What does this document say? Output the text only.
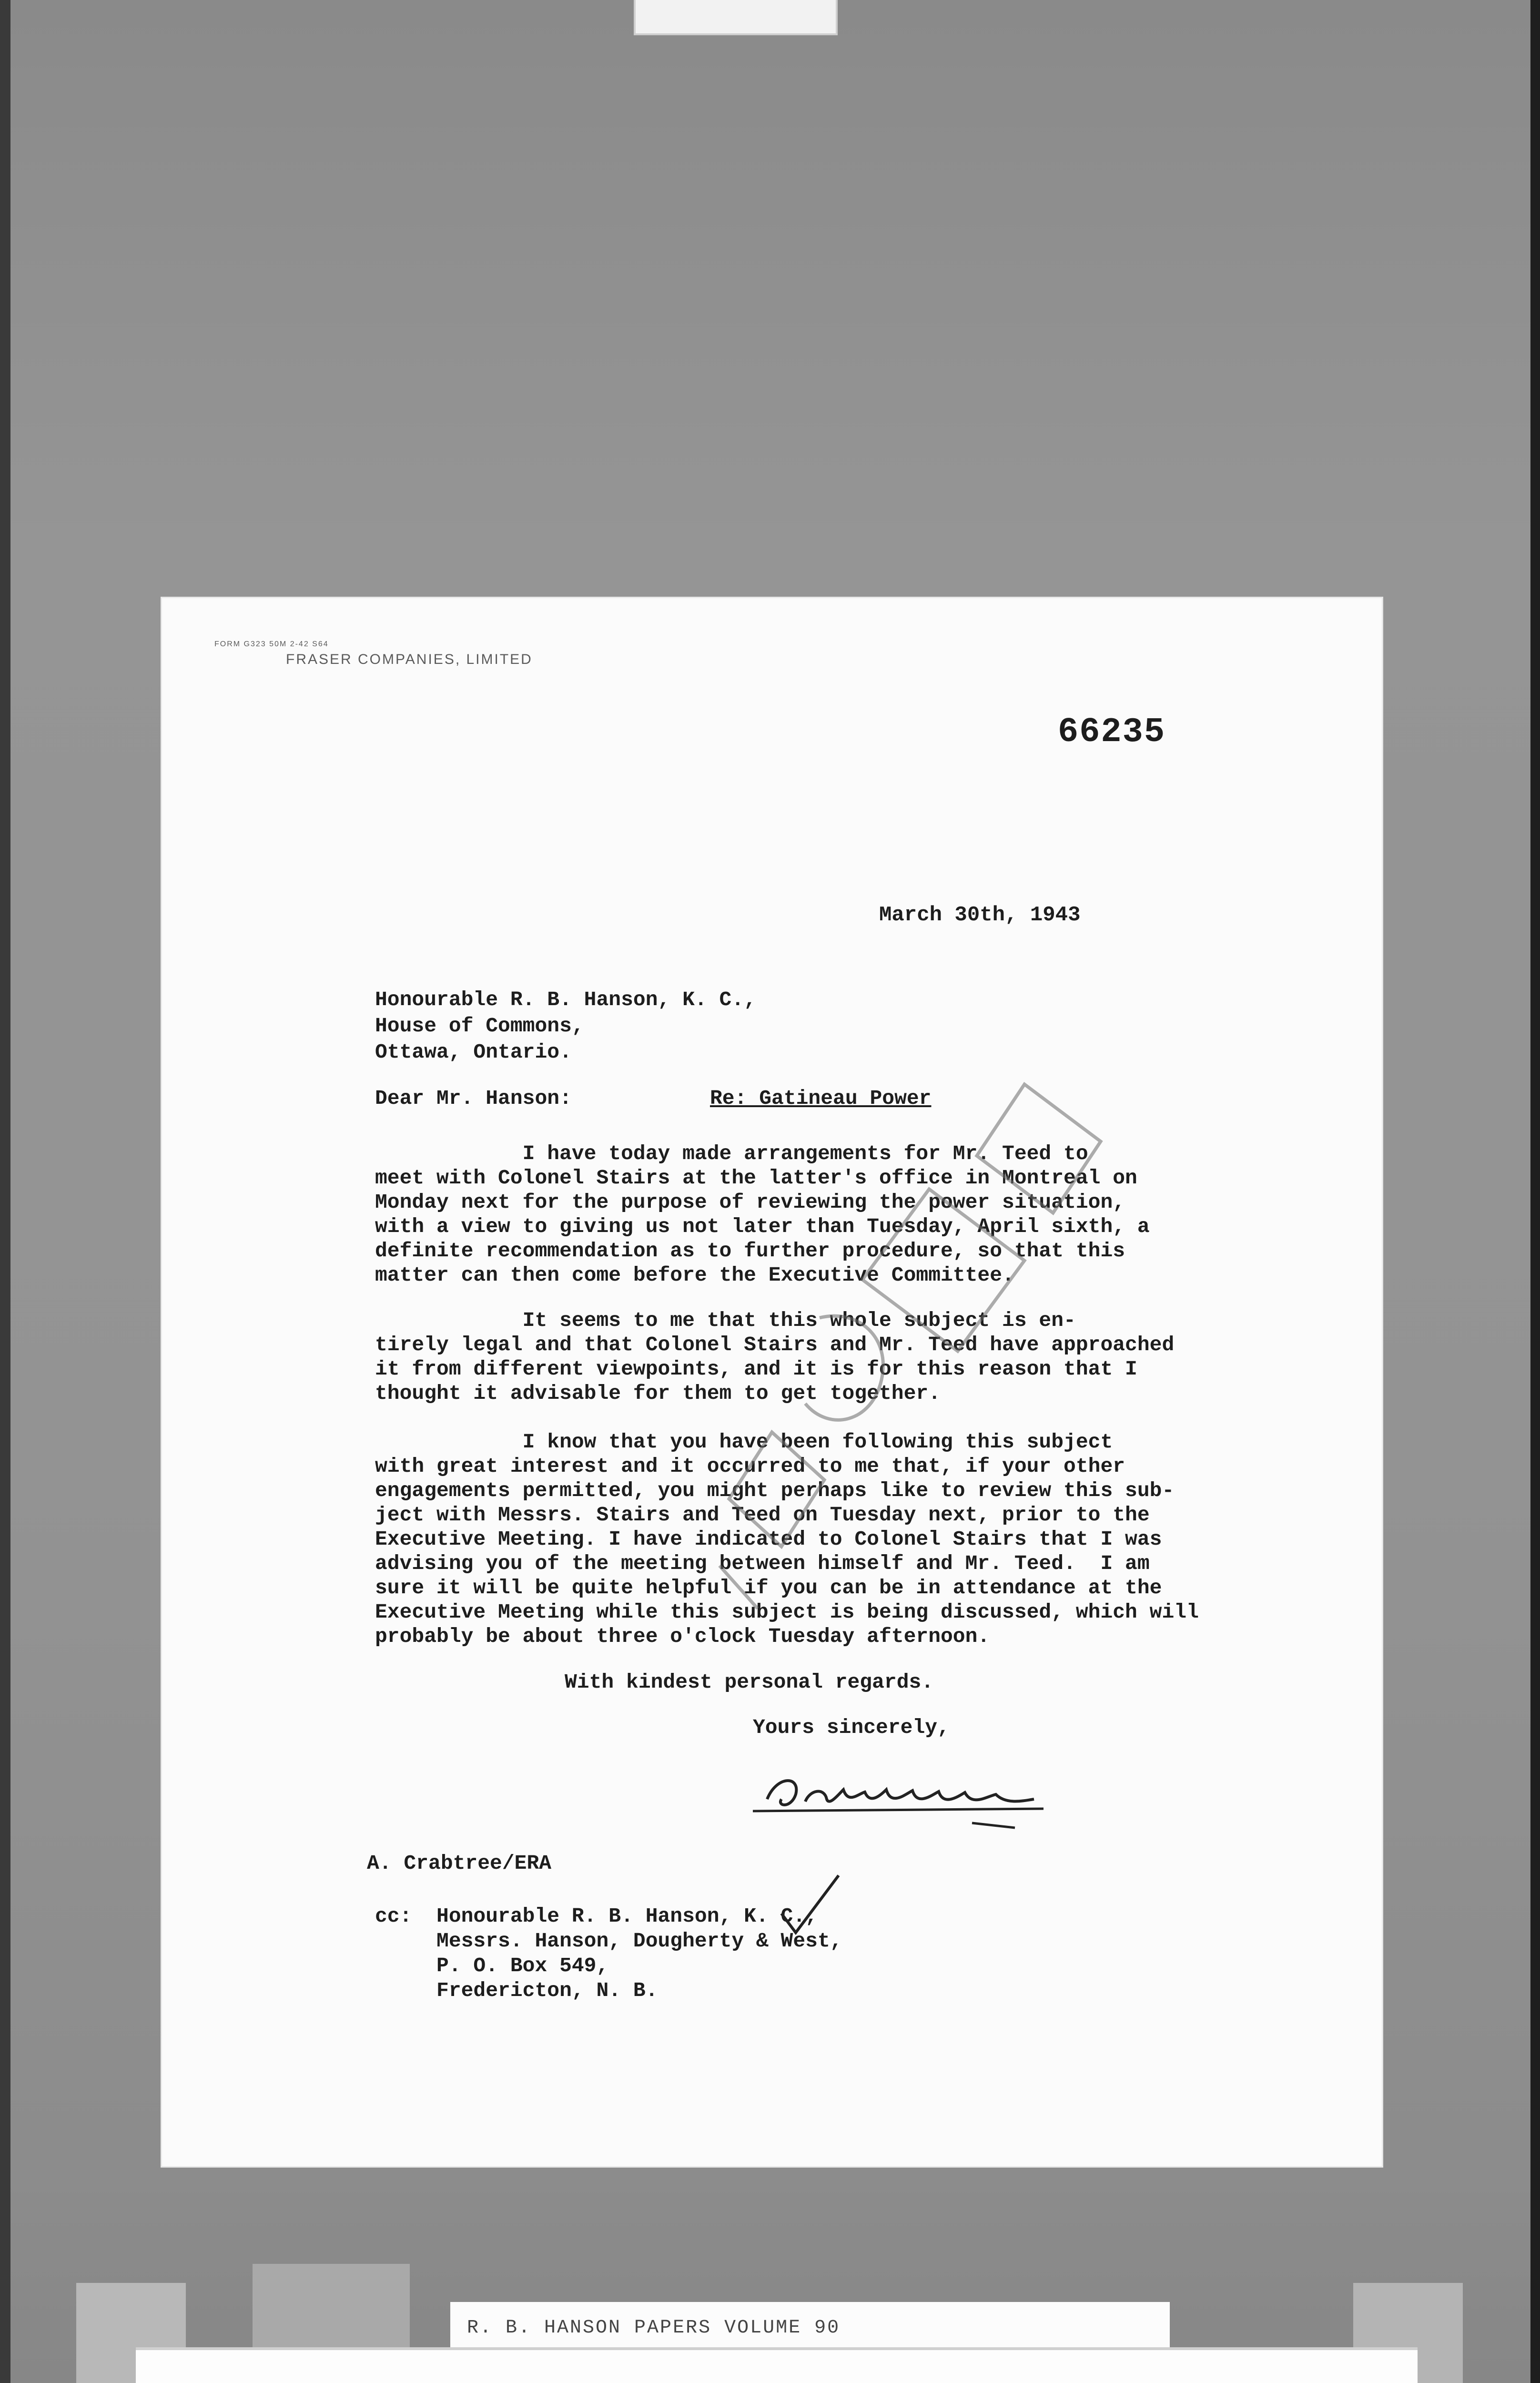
FORM G323 50M 2-42 S64
FRASER COMPANIES, LIMITED
66235
March 30th, 1943
Honourable R. B. Hanson, K. C.,
House of Commons,
Ottawa, Ontario.
Dear Mr. Hanson:	Re: Gatineau Power
I have today made arrangements for Mr. Teed to
meet with Colonel Stairs at the latter's office in Montreal on
Monday next for the purpose of reviewing the power situation,
with a view to giving us not later than Tuesday, April sixth, a
definite recommendation as to further procedure, so that this
matter can then come before the Executive Committee.
It seems to me that this whole subject is en-
tirely legal and that Colonel Stairs and Mr. Teed have approached
it from different viewpoints, and it is for this reason that I
thought it advisable for them to get together.
I know that you have been following this subject
with great interest and it occurred to me that, if your other
engagements permitted, you might perhaps like to review this sub-
ject with Messrs. Stairs and Teed on Tuesday next, prior to the
Executive Meeting. I have indicated to Colonel Stairs that I was
advising you of the meeting between himself and Mr. Teed.  I am
sure it will be quite helpful if you can be in attendance at the
Executive Meeting while this subject is being discussed, which will
probably be about three o'clock Tuesday afternoon.
With kindest personal regards.
Yours sincerely,
A. Crabtree/ERA
cc:  Honourable R. B. Hanson, K. C.,
Messrs. Hanson, Dougherty & West,
P. O. Box 549,
Fredericton, N. B.
R. B. HANSON PAPERS VOLUME 90
